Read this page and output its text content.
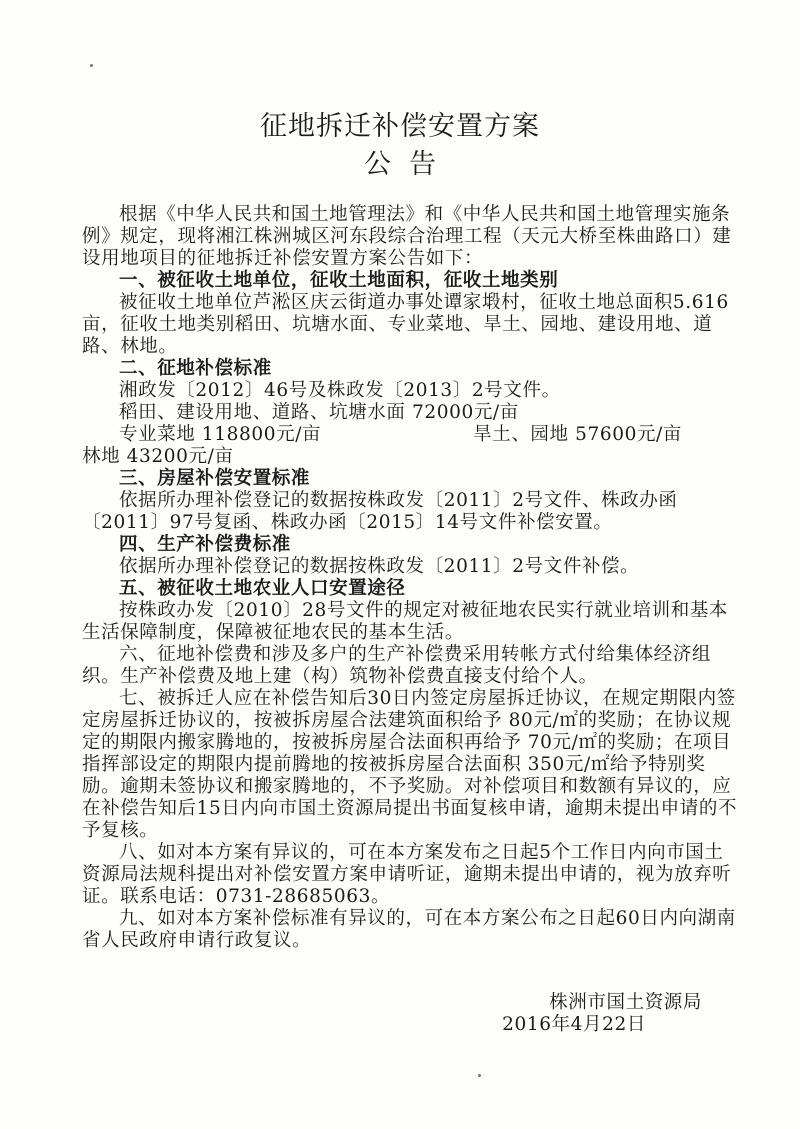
征地拆迁补偿安置方案
公告

根据《中华人民共和国土地管理法》和《中华人民共和国土地管理实施条例》规定，现将湘江株洲城区河东段综合治理工程（天元大桥至株曲路口）建设用地项目的征地拆迁补偿安置方案公告如下：

一、被征收土地单位，征收土地面积，征收土地类别

被征收土地单位芦淞区庆云街道办事处谭家塅村，征收土地总面积5.616亩，征收土地类别稻田、坑塘水面、专业菜地、旱土、园地、建设用地、道路、林地。

二、征地补偿标准

湘政发〔2012〕46号及株政发〔2013〕2号文件。

稻田、建设用地、道路、坑塘水面 72000元/亩

专业菜地 118800元/亩	旱土、园地 57600元/亩

林地 43200元/亩

三、房屋补偿安置标准

依据所办理补偿登记的数据按株政发〔2011〕2号文件、株政办函〔2011〕97号复函、株政办函〔2015〕14号文件补偿安置。

四、生产补偿费标准

依据所办理补偿登记的数据按株政发〔2011〕2号文件补偿。

五、被征收土地农业人口安置途径

按株政办发〔2010〕28号文件的规定对被征地农民实行就业培训和基本生活保障制度，保障被征地农民的基本生活。

六、征地补偿费和涉及多户的生产补偿费采用转帐方式付给集体经济组织。生产补偿费及地上建（构）筑物补偿费直接支付给个人。

七、被拆迁人应在补偿告知后30日内签定房屋拆迁协议，在规定期限内签定房屋拆迁协议的，按被拆房屋合法建筑面积给予 80元/㎡的奖励；在协议规定的期限内搬家腾地的，按被拆房屋合法面积再给予 70元/㎡的奖励；在项目指挥部设定的期限内提前腾地的按被拆房屋合法面积 350元/㎡给予特别奖励。逾期未签协议和搬家腾地的，不予奖励。对补偿项目和数额有异议的，应在补偿告知后15日内向市国土资源局提出书面复核申请，逾期未提出申请的不予复核。

八、如对本方案有异议的，可在本方案发布之日起5个工作日内向市国土资源局法规科提出对补偿安置方案申请听证，逾期未提出申请的，视为放弃听证。联系电话：0731-28685063。

九、如对本方案补偿标准有异议的，可在本方案公布之日起60日内向湖南省人民政府申请行政复议。

株洲市国土资源局

2016年4月22日
